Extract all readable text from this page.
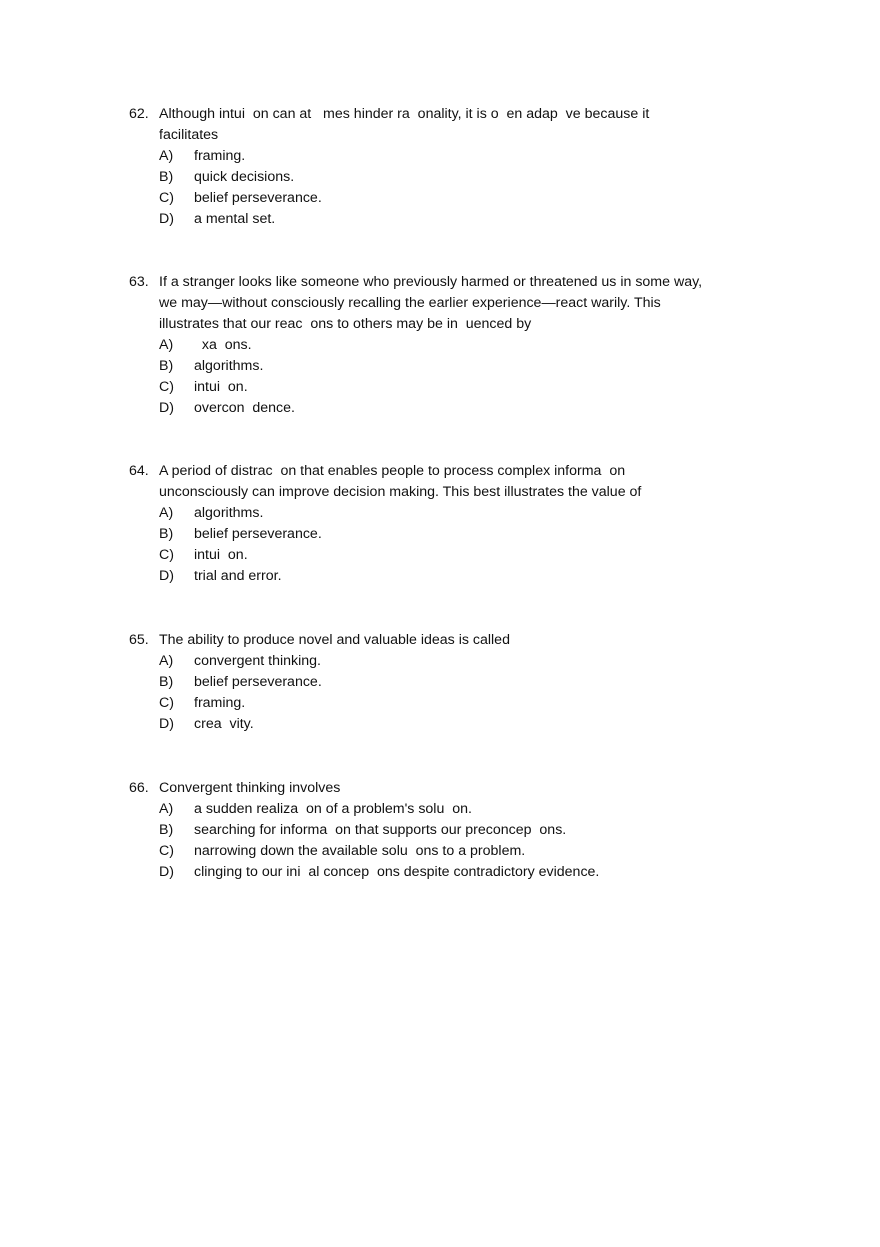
62. Although intui  on can at   mes hinder ra  onality, it is o  en adap  ve because it
facilitates
A) framing.
B) quick decisions.
C) belief perseverance.
D) a mental set.
63. If a stranger looks like someone who previously harmed or threatened us in some way,
we may—without consciously recalling the earlier experience—react warily. This
illustrates that our reac  ons to others may be in  uenced by
A) xa  ons.
B) algorithms.
C) intui  on.
D) overcon  dence.
64. A period of distrac  on that enables people to process complex informa  on
unconsciously can improve decision making. This best illustrates the value of
A) algorithms.
B) belief perseverance.
C) intui  on.
D) trial and error.
65. The ability to produce novel and valuable ideas is called
A) convergent thinking.
B) belief perseverance.
C) framing.
D) crea  vity.
66. Convergent thinking involves
A) a sudden realiza  on of a problem's solu  on.
B) searching for informa  on that supports our preconcep  ons.
C) narrowing down the available solu  ons to a problem.
D) clinging to our ini  al concep  ons despite contradictory evidence.
